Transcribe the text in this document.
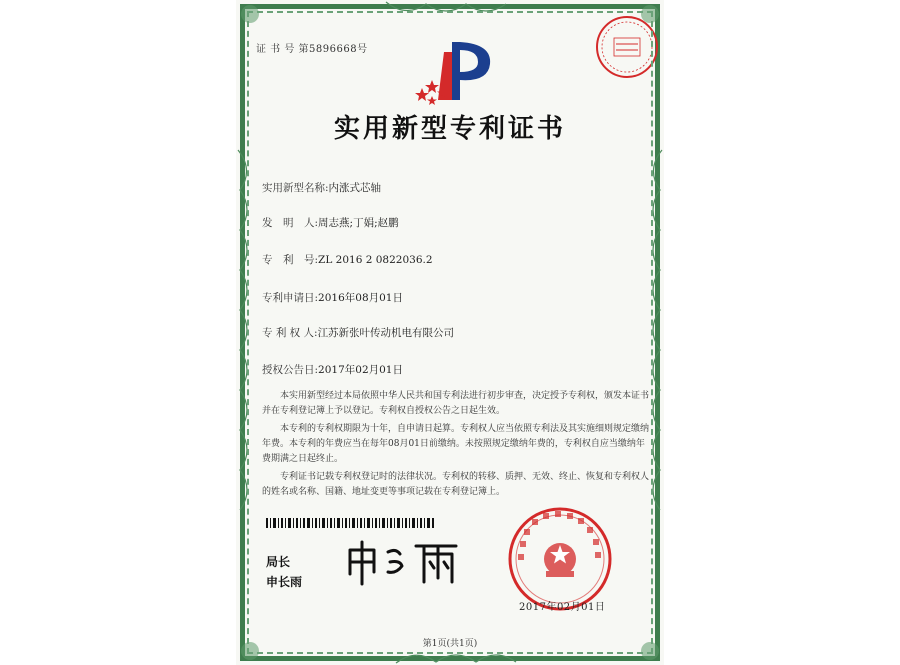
证 书 号 第5896668号
实用新型专利证书
实用新型名称:内涨式芯轴
发　明　人:周志燕;丁娟;赵鹏
专　利　号:ZL 2016 2 0822036.2
专利申请日:2016年08月01日
专 利 权 人:江苏新张叶传动机电有限公司
授权公告日:2017年02月01日

本实用新型经过本局依照中华人民共和国专利法进行初步审查，决定授予专利权，颁发本证书并在专利登记簿上予以登记。专利权自授权公告之日起生效。

本专利的专利权期限为十年，自申请日起算。专利权人应当依照专利法及其实施细则规定缴纳年费。本专利的年费应当在每年08月01日前缴纳。未按照规定缴纳年费的，专利权自应当缴纳年费期满之日起终止。

专利证书记载专利权登记时的法律状况。专利权的转移、质押、无效、终止、恢复和专利权人的姓名或名称、国籍、地址变更等事项记载在专利登记簿上。

局长
申长雨
2017年02月01日
第1页(共1页)
